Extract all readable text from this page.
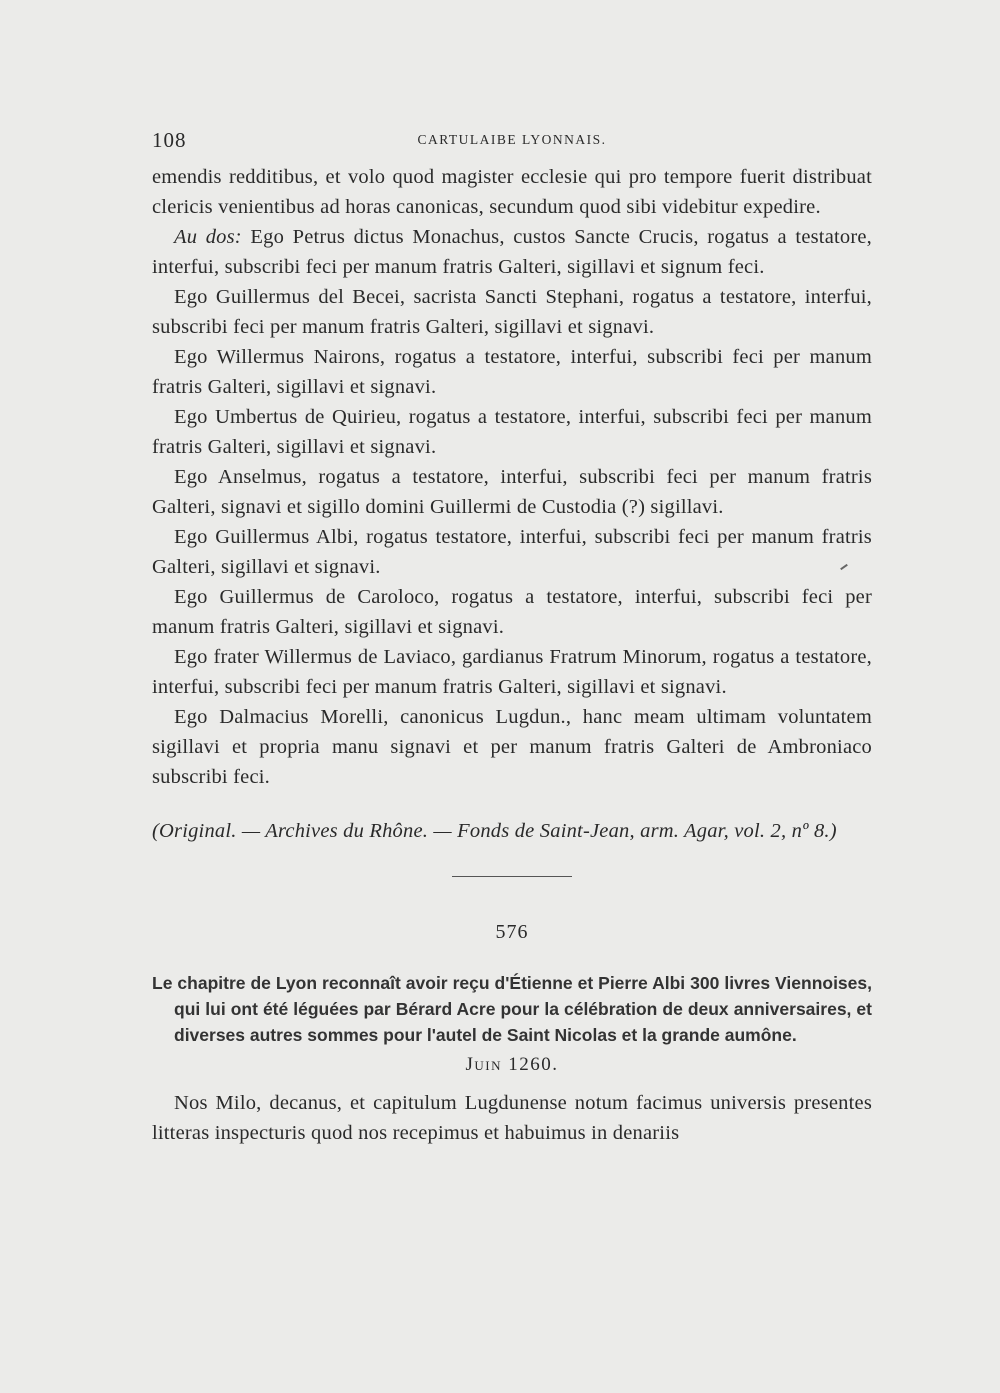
108	CARTULAIBE LYONNAIS.

emendis redditibus, et volo quod magister ecclesie qui pro tempore fuerit distribuat clericis venientibus ad horas canonicas, secundum quod sibi videbitur expedire.

Au dos: Ego Petrus dictus Monachus, custos Sancte Crucis, rogatus a testatore, interfui, subscribi feci per manum fratris Galteri, sigillavi et signum feci.

Ego Guillermus del Becei, sacrista Sancti Stephani, rogatus a testatore, interfui, subscribi feci per manum fratris Galteri, sigillavi et signavi.

Ego Willermus Nairons, rogatus a testatore, interfui, subscribi feci per manum fratris Galteri, sigillavi et signavi.

Ego Umbertus de Quirieu, rogatus a testatore, interfui, subscribi feci per manum fratris Galteri, sigillavi et signavi.

Ego Anselmus, rogatus a testatore, interfui, subscribi feci per manum fratris Galteri, signavi et sigillo domini Guillermi de Custodia (?) sigillavi.

Ego Guillermus Albi, rogatus testatore, interfui, subscribi feci per manum fratris Galteri, sigillavi et signavi.

Ego Guillermus de Caroloco, rogatus a testatore, interfui, subscribi feci per manum fratris Galteri, sigillavi et signavi.

Ego frater Willermus de Laviaco, gardianus Fratrum Minorum, rogatus a testatore, interfui, subscribi feci per manum fratris Galteri, sigillavi et signavi.

Ego Dalmacius Morelli, canonicus Lugdun., hanc meam ultimam voluntatem sigillavi et propria manu signavi et per manum fratris Galteri de Ambroniaco subscribi feci.

(Original. — Archives du Rhône. — Fonds de Saint-Jean, arm. Agar, vol. 2, nº 8.)

576
Le chapitre de Lyon reconnaît avoir reçu d'Étienne et Pierre Albi 300 livres Viennoises, qui lui ont été léguées par Bérard Acre pour la célébration de deux anniversaires, et diverses autres sommes pour l'autel de Saint Nicolas et la grande aumône.
Juin 1260.

Nos Milo, decanus, et capitulum Lugdunense notum facimus universis presentes litteras inspecturis quod nos recepimus et habuimus in denariis
